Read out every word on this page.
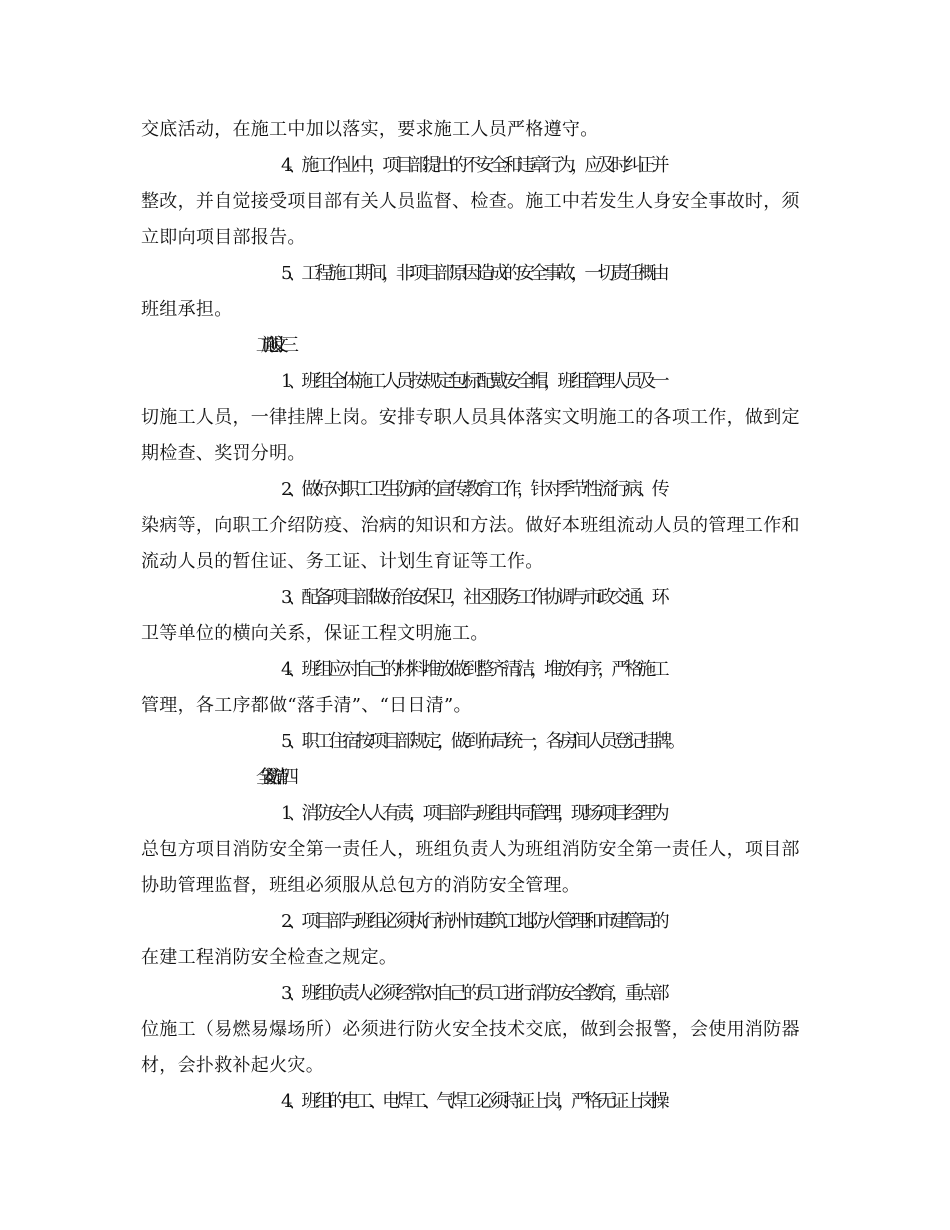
交底活动，在施工中加以落实，要求施工人员严格遵守。
4、施工作业中，项目部提出的不安全和违章行为，应及时纠正并
整改，并自觉接受项目部有关人员监督、检查。施工中若发生人身安全事故时，须
立即向项目部报告。
5、工程施工期间，非项目部原因造成的安全事故，一切责任概由
班组承担。
1、班组全体施工人员按规定包标配戴安全帽，班组管理人员及一
切施工人员，一律挂牌上岗。安排专职人员具体落实文明施工的各项工作，做到定
期检查、奖罚分明。
2、做好对职工卫生防病的宣传教育工作，针对季节性流行病、传
染病等，向职工介绍防疫、治病的知识和方法。做好本班组流动人员的管理工作和
流动人员的暂住证、务工证、计划生育证等工作。
3、配备项目部做好治安保卫，社区服务工作协调与市政交通、环
卫等单位的横向关系，保证工程文明施工。
4、班组应对自己的材料堆放做到整齐清洁，堆放有序，严格施工
管理，各工序都做“落手清”、“日日清”。
5、职工住宿按项目部规定，做到布局统一，各房间人员登记挂牌。
1、消防安全人人有责，项目部与班组共同管理，现场项目经理为
总包方项目消防安全第一责任人，班组负责人为班组消防安全第一责任人，项目部
协助管理监督，班组必须服从总包方的消防安全管理。
2、项目部与班组必须执行杭州市建筑工地防火管理和市建管局的
在建工程消防安全检查之规定。
3、班组负责人必须经常对自己的员工进行消防安全教育，重点部
位施工（易燃易爆场所）必须进行防火安全技术交底，做到会报警，会使用消防器
材，会扑救补起火灾。
4、班组的电工、电焊工、气焊工必须持证上岗，严格无证上岗操
